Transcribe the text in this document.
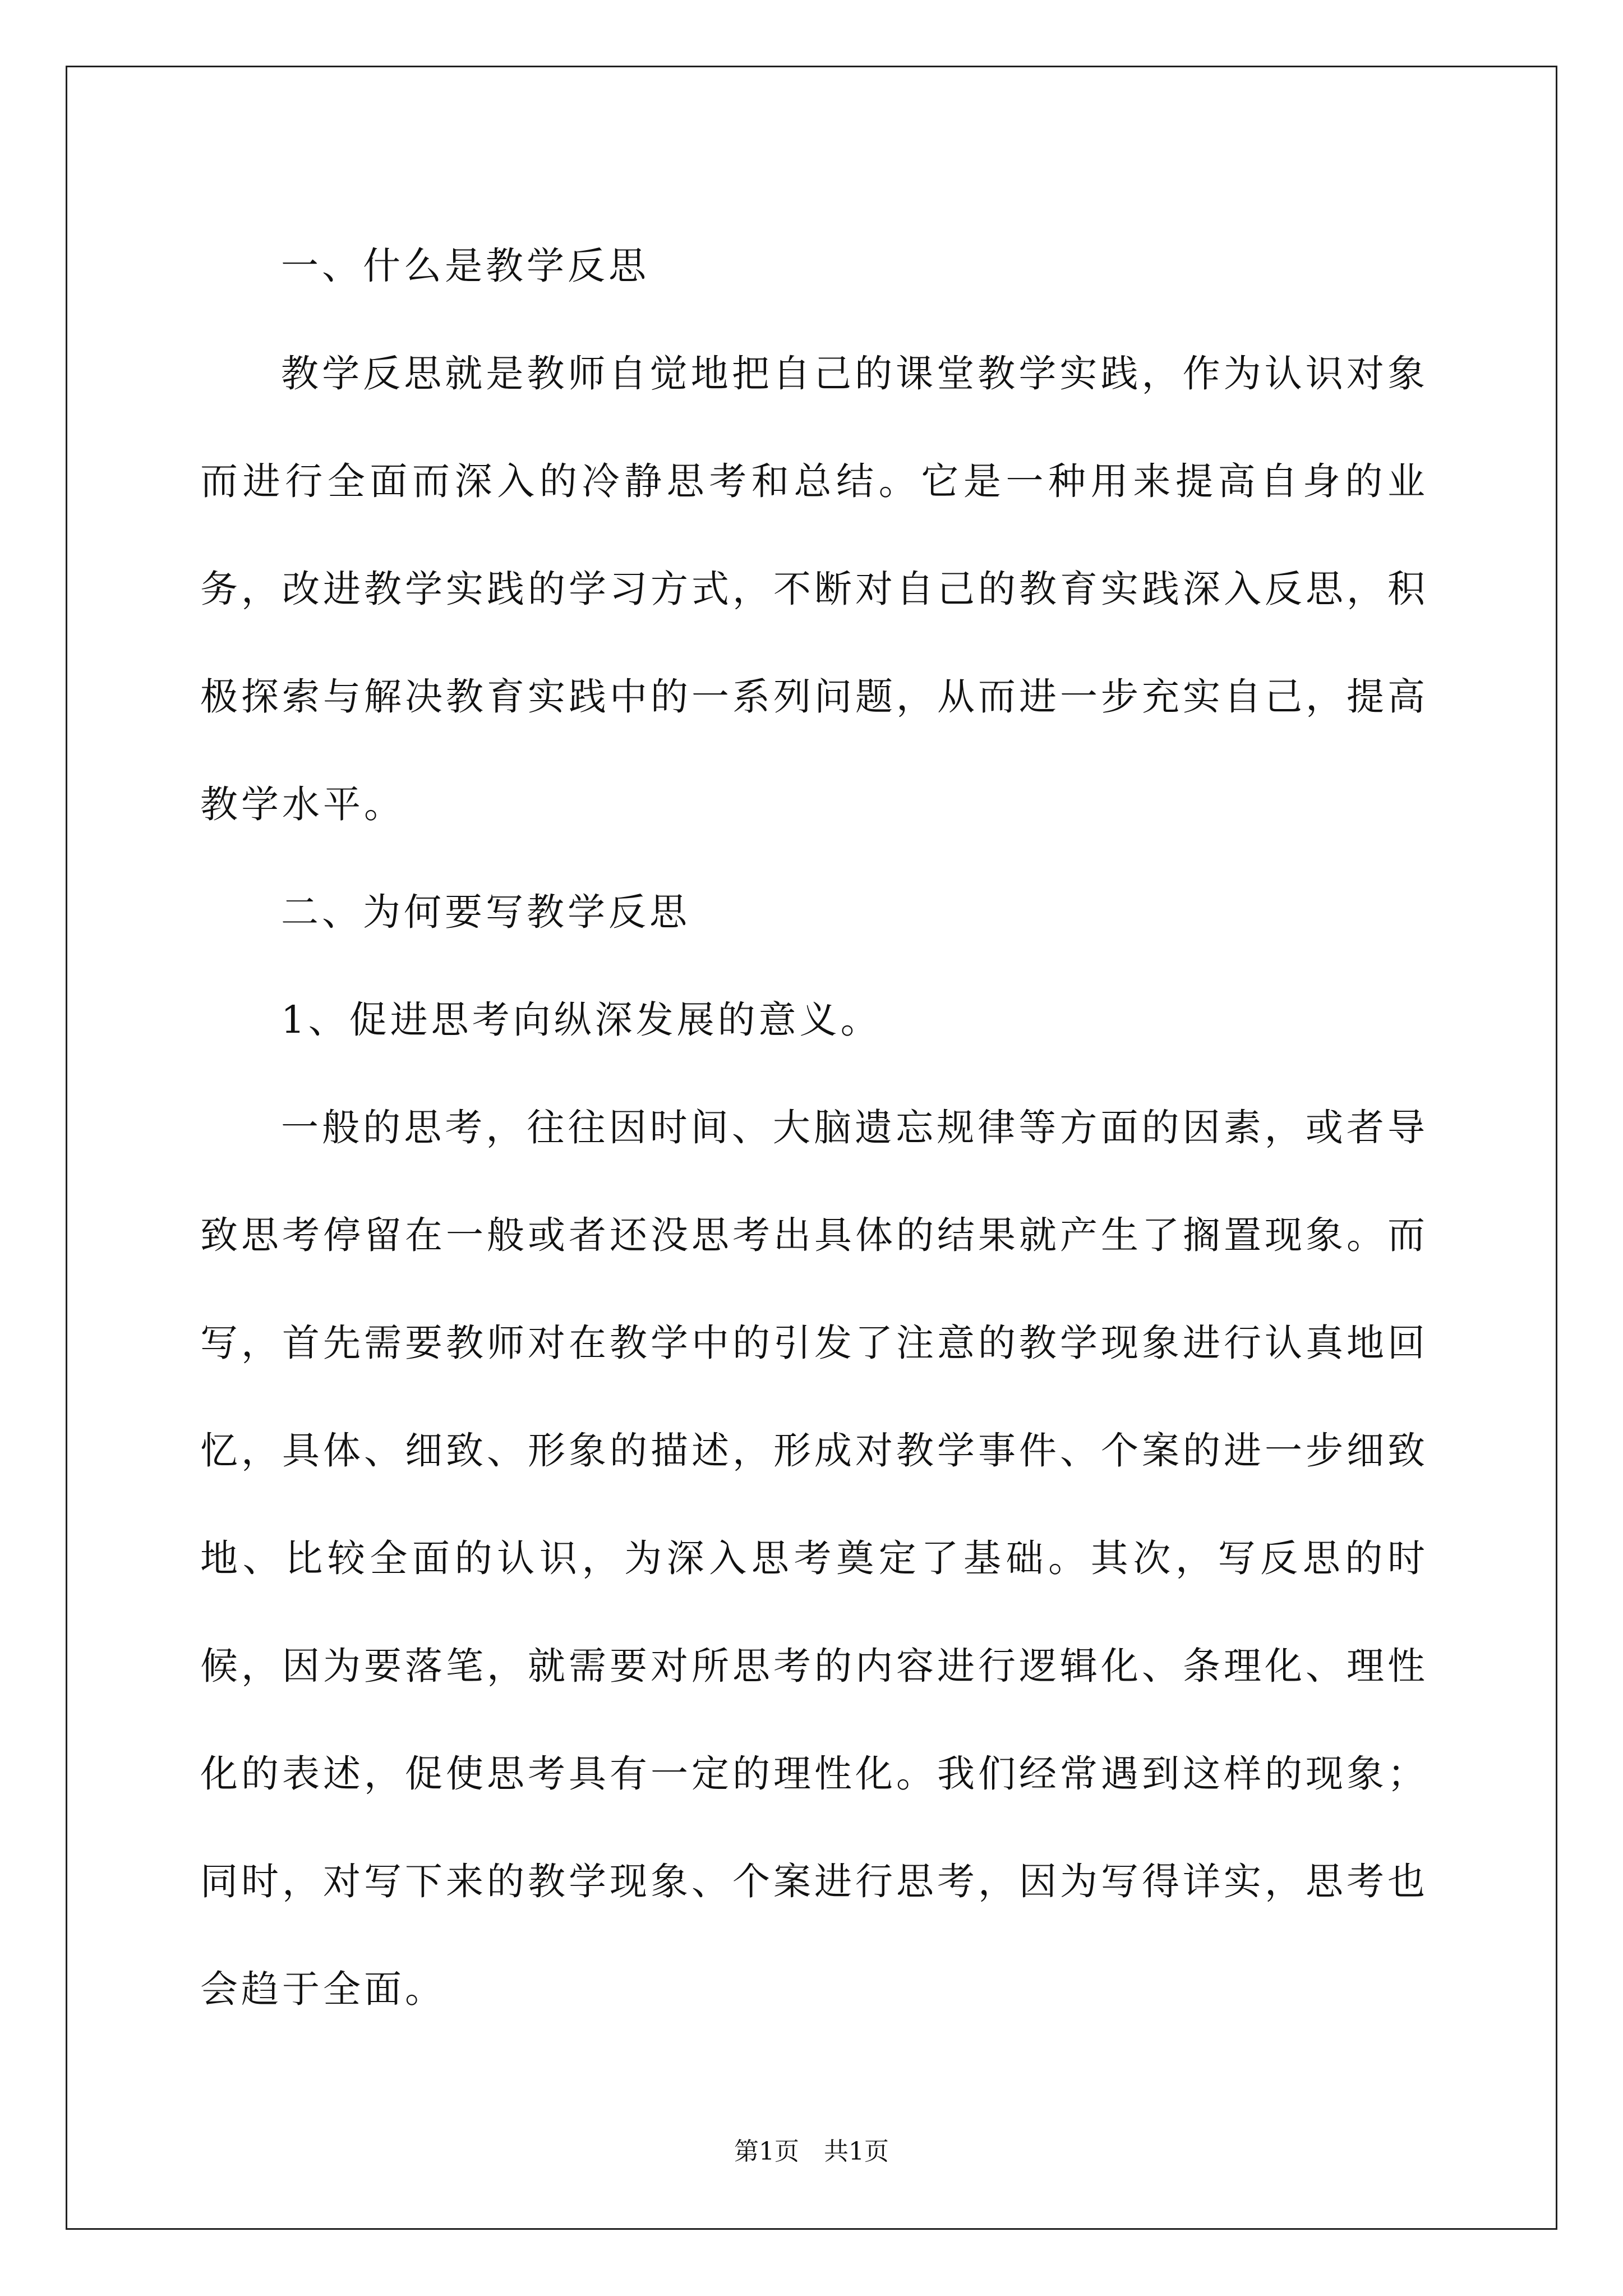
一、什么是教学反思

教学反思就是教师自觉地把自己的课堂教学实践，作为认识对象而进行全面而深入的冷静思考和总结。它是一种用来提高自身的业务，改进教学实践的学习方式，不断对自己的教育实践深入反思，积极探索与解决教育实践中的一系列问题，从而进一步充实自己，提高教学水平。

二、为何要写教学反思

1、促进思考向纵深发展的意义。

一般的思考，往往因时间、大脑遗忘规律等方面的因素，或者导致思考停留在一般或者还没思考出具体的结果就产生了搁置现象。而写，首先需要教师对在教学中的引发了注意的教学现象进行认真地回忆，具体、细致、形象的描述，形成对教学事件、个案的进一步细致地、比较全面的认识，为深入思考奠定了基础。其次，写反思的时候，因为要落笔，就需要对所思考的内容进行逻辑化、条理化、理性化的表述，促使思考具有一定的理性化。我们经常遇到这样的现象；同时，对写下来的教学现象、个案进行思考，因为写得详实，思考也会趋于全面。

第1页 共1页
